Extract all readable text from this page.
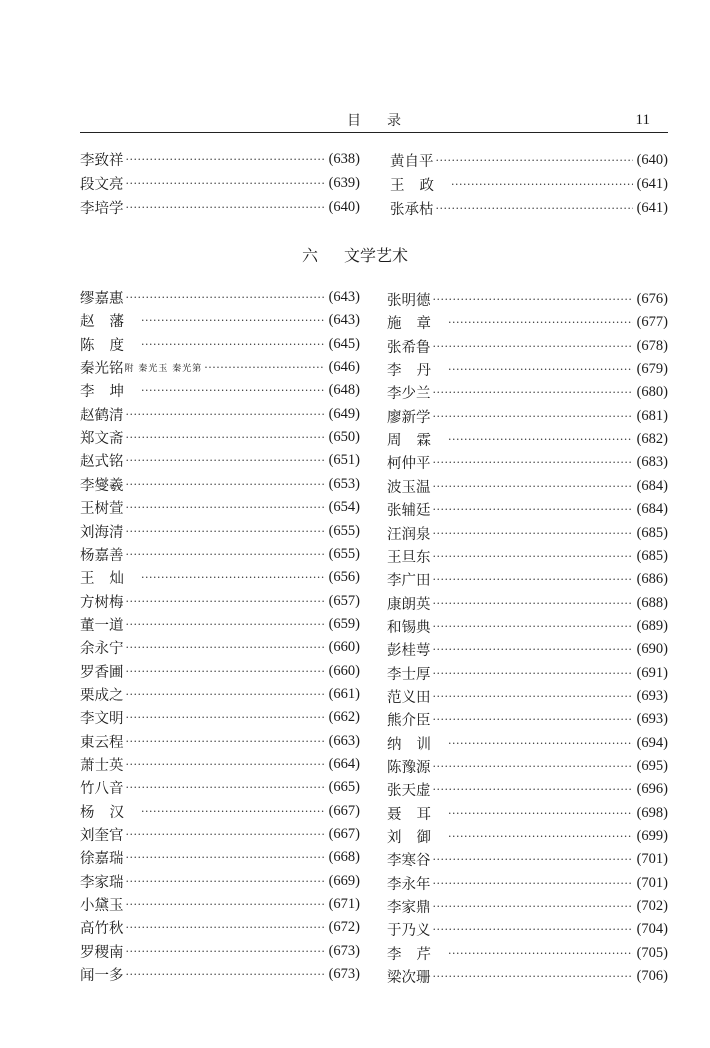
目录	11
李致祥 ·····	(638)
段文亮 ·····	(639)
李培学 ·····	(640)
黄自平 ·····	(640)
王政 ·····	(641)
张承枯 ·····	(641)
六 文学艺术
缪嘉惠 ·····	(643)
赵藩 ·····	(643)
陈度 ·····	(645)
秦光铭 附 秦光玉 秦光第 ·····	(646)
李坤 ·····	(648)
赵鹤清 ·····	(649)
郑文斋 ·····	(650)
赵式铭 ·····	(651)
李燮羲 ·····	(653)
王树萱 ·····	(654)
刘海清 ·····	(655)
杨嘉善 ·····	(655)
王灿 ·····	(656)
方树梅 ·····	(657)
董一道 ·····	(659)
余永宁 ·····	(660)
罗香圃 ·····	(660)
栗成之 ·····	(661)
李文明 ·····	(662)
東云程 ·····	(663)
萧士英 ·····	(664)
竹八音 ·····	(665)
杨汉 ·····	(667)
刘奎官 ·····	(667)
徐嘉瑞 ·····	(668)
李家瑞 ·····	(669)
小黛玉 ·····	(671)
高竹秋 ·····	(672)
罗稷南 ·····	(673)
闻一多 ·····	(673)
张明德 ·····	(676)
施章 ·····	(677)
张希鲁 ·····	(678)
李丹 ·····	(679)
李少兰 ·····	(680)
廖新学 ·····	(681)
周霖 ·····	(682)
柯仲平 ·····	(683)
波玉温 ·····	(684)
张辅廷 ·····	(684)
汪润泉 ·····	(685)
王旦东 ·····	(685)
李广田 ·····	(686)
康朗英 ·····	(688)
和锡典 ·····	(689)
彭桂萼 ·····	(690)
李士厚 ·····	(691)
范义田 ·····	(693)
熊介臣 ·····	(693)
纳训 ·····	(694)
陈豫源 ·····	(695)
张天虚 ·····	(696)
聂耳 ·····	(698)
刘御 ·····	(699)
李寒谷 ·····	(701)
李永年 ·····	(701)
李家鼎 ·····	(702)
于乃义 ·····	(704)
李芹 ·····	(705)
梁次珊 ·····	(706)
